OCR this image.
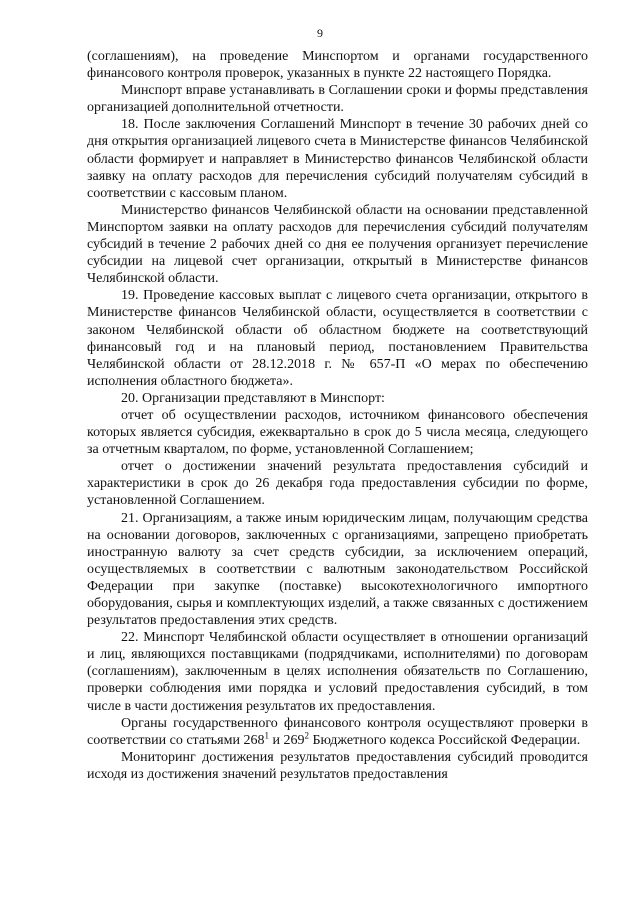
9

(соглашениям), на проведение Минспортом и органами государственного финансового контроля проверок, указанных в пункте 22 настоящего Порядка.

Минспорт вправе устанавливать в Соглашении сроки и формы представления организацией дополнительной отчетности.

18. После заключения Соглашений Минспорт в течение 30 рабочих дней со дня открытия организацией лицевого счета в Министерстве финансов Челябинской области формирует и направляет в Министерство финансов Челябинской области заявку на оплату расходов для перечисления субсидий получателям субсидий в соответствии с кассовым планом.

Министерство финансов Челябинской области на основании представленной Минспортом заявки на оплату расходов для перечисления субсидий получателям субсидий в течение 2 рабочих дней со дня ее получения организует перечисление субсидии на лицевой счет организации, открытый в Министерстве финансов Челябинской области.

19. Проведение кассовых выплат с лицевого счета организации, открытого в Министерстве финансов Челябинской области, осуществляется в соответствии с законом Челябинской области об областном бюджете на соответствующий финансовый год и на плановый период, постановлением Правительства Челябинской области от 28.12.2018 г. № 657-П «О мерах по обеспечению исполнения областного бюджета».

20. Организации представляют в Минспорт:

отчет об осуществлении расходов, источником финансового обеспечения которых является субсидия, ежеквартально в срок до 5 числа месяца, следующего за отчетным кварталом, по форме, установленной Соглашением;

отчет о достижении значений результата предоставления субсидий и характеристики в срок до 26 декабря года предоставления субсидии по форме, установленной Соглашением.

21. Организациям, а также иным юридическим лицам, получающим средства на основании договоров, заключенных с организациями, запрещено приобретать иностранную валюту за счет средств субсидии, за исключением операций, осуществляемых в соответствии с валютным законодательством Российской Федерации при закупке (поставке) высокотехнологичного импортного оборудования, сырья и комплектующих изделий, а также связанных с достижением результатов предоставления этих средств.

22. Минспорт Челябинской области осуществляет в отношении организаций и лиц, являющихся поставщиками (подрядчиками, исполнителями) по договорам (соглашениям), заключенным в целях исполнения обязательств по Соглашению, проверки соблюдения ими порядка и условий предоставления субсидий, в том числе в части достижения результатов их предоставления.

Органы государственного финансового контроля осуществляют проверки в соответствии со статьями $268^1$ и $269^2$ Бюджетного кодекса Российской Федерации.

Мониторинг достижения результатов предоставления субсидий проводится исходя из достижения значений результатов предоставления
